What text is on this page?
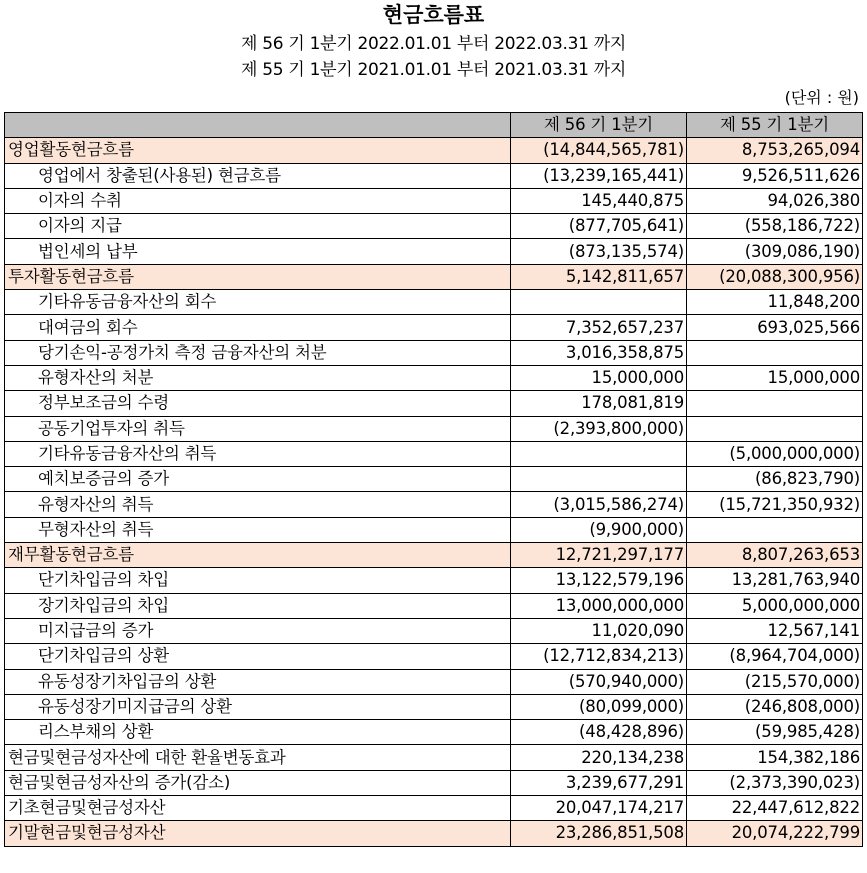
현금흐름표
제 56 기 1분기 2022.01.01 부터 2022.03.31 까지
제 55 기 1분기 2021.01.01 부터 2021.03.31 까지
(단위 : 원)
	제 56 기 1분기	제 55 기 1분기
영업활동현금흐름	(14,844,565,781)	8,753,265,094
영업에서 창출된(사용된) 현금흐름	(13,239,165,441)	9,526,511,626
이자의 수취	145,440,875	94,026,380
이자의 지급	(877,705,641)	(558,186,722)
법인세의 납부	(873,135,574)	(309,086,190)
투자활동현금흐름	5,142,811,657	(20,088,300,956)
기타유동금융자산의 회수		11,848,200
대여금의 회수	7,352,657,237	693,025,566
당기손익-공정가치 측정 금융자산의 처분	3,016,358,875	
유형자산의 처분	15,000,000	15,000,000
정부보조금의 수령	178,081,819	
공동기업투자의 취득	(2,393,800,000)	
기타유동금융자산의 취득		(5,000,000,000)
예치보증금의 증가		(86,823,790)
유형자산의 취득	(3,015,586,274)	(15,721,350,932)
무형자산의 취득	(9,900,000)	
재무활동현금흐름	12,721,297,177	8,807,263,653
단기차입금의 차입	13,122,579,196	13,281,763,940
장기차입금의 차입	13,000,000,000	5,000,000,000
미지급금의 증가	11,020,090	12,567,141
단기차입금의 상환	(12,712,834,213)	(8,964,704,000)
유동성장기차입금의 상환	(570,940,000)	(215,570,000)
유동성장기미지급금의 상환	(80,099,000)	(246,808,000)
리스부채의 상환	(48,428,896)	(59,985,428)
현금및현금성자산에 대한 환율변동효과	220,134,238	154,382,186
현금및현금성자산의 증가(감소)	3,239,677,291	(2,373,390,023)
기초현금및현금성자산	20,047,174,217	22,447,612,822
기말현금및현금성자산	23,286,851,508	20,074,222,799
